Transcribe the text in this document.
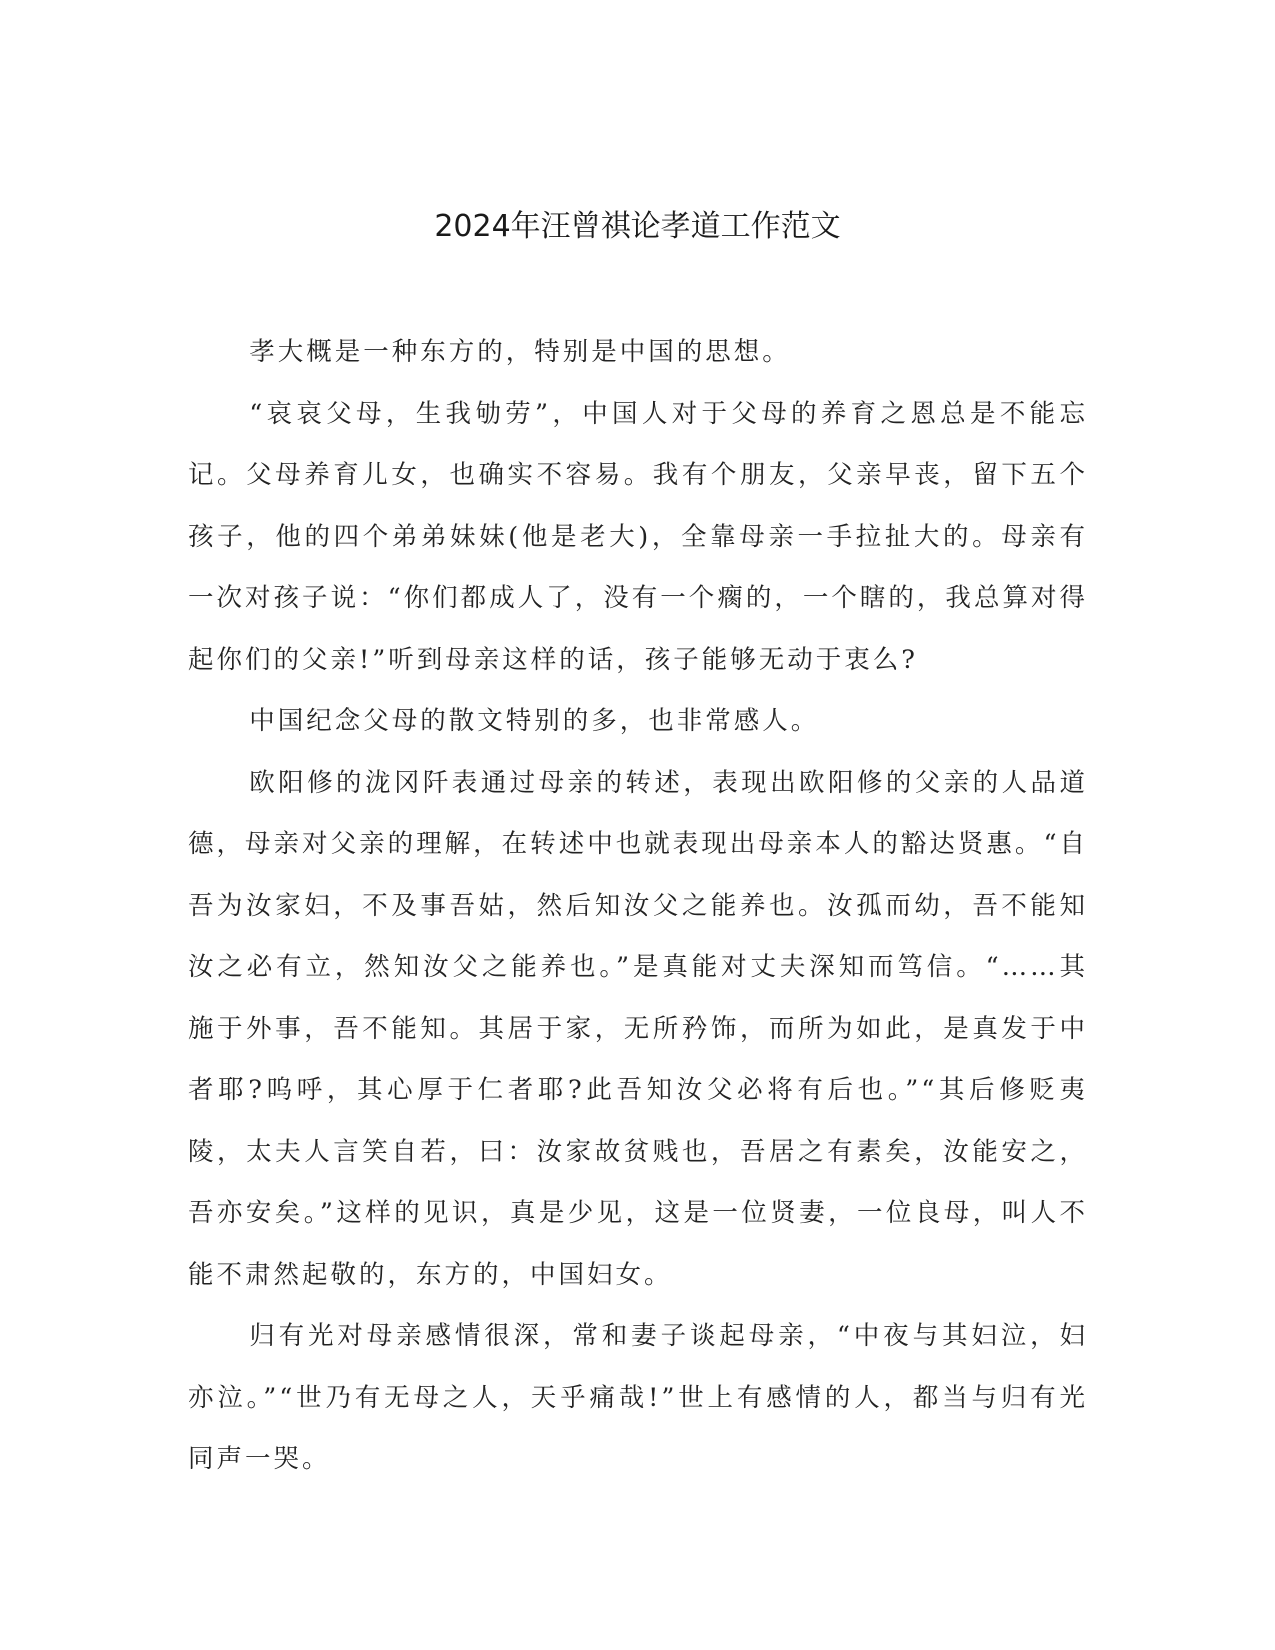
2024年汪曾祺论孝道工作范文

孝大概是一种东方的，特别是中国的思想。

“哀哀父母，生我劬劳”，中国人对于父母的养育之恩总是不能忘记。父母养育儿女，也确实不容易。我有个朋友，父亲早丧，留下五个孩子，他的四个弟弟妹妹(他是老大)，全靠母亲一手拉扯大的。母亲有一次对孩子说：“你们都成人了，没有一个瘸的，一个瞎的，我总算对得起你们的父亲!”听到母亲这样的话，孩子能够无动于衷么?

中国纪念父母的散文特别的多，也非常感人。

欧阳修的泷冈阡表通过母亲的转述，表现出欧阳修的父亲的人品道德，母亲对父亲的理解，在转述中也就表现出母亲本人的豁达贤惠。“自吾为汝家妇，不及事吾姑，然后知汝父之能养也。汝孤而幼，吾不能知汝之必有立，然知汝父之能养也。”是真能对丈夫深知而笃信。“……其施于外事，吾不能知。其居于家，无所矜饰，而所为如此，是真发于中者耶?呜呼，其心厚于仁者耶?此吾知汝父必将有后也。”“其后修贬夷陵，太夫人言笑自若，曰：汝家故贫贱也，吾居之有素矣，汝能安之，吾亦安矣。”这样的见识，真是少见，这是一位贤妻，一位良母，叫人不能不肃然起敬的，东方的，中国妇女。

归有光对母亲感情很深，常和妻子谈起母亲，“中夜与其妇泣，妇亦泣。”“世乃有无母之人，天乎痛哉!”世上有感情的人，都当与归有光同声一哭。
